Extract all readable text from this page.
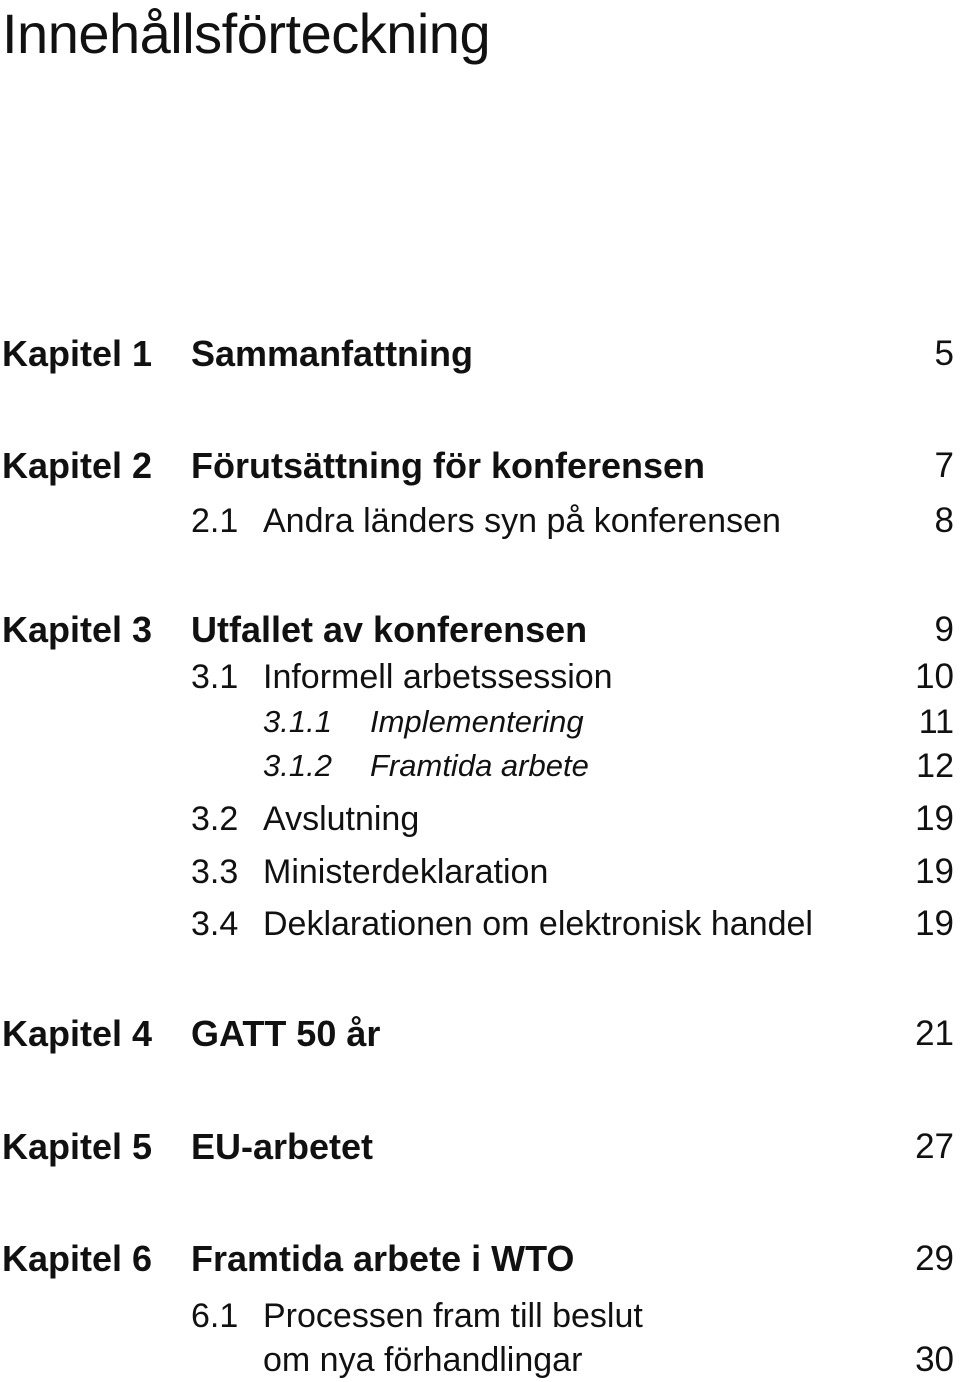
Innehållsförteckning
Kapitel 1 Sammanfattning	5
Kapitel 2 Förutsättning för konferensen	7
2.1 Andra länders syn på konferensen	8
Kapitel 3 Utfallet av konferensen	9
3.1 Informell arbetssession	10
3.1.1 Implementering	11
3.1.2 Framtida arbete	12
3.2 Avslutning	19
3.3 Ministerdeklaration	19
3.4 Deklarationen om elektronisk handel	19
Kapitel 4 GATT 50 år	21
Kapitel 5 EU-arbetet	27
Kapitel 6 Framtida arbete i WTO	29
6.1 Processen fram till beslut
om nya förhandlingar	30
